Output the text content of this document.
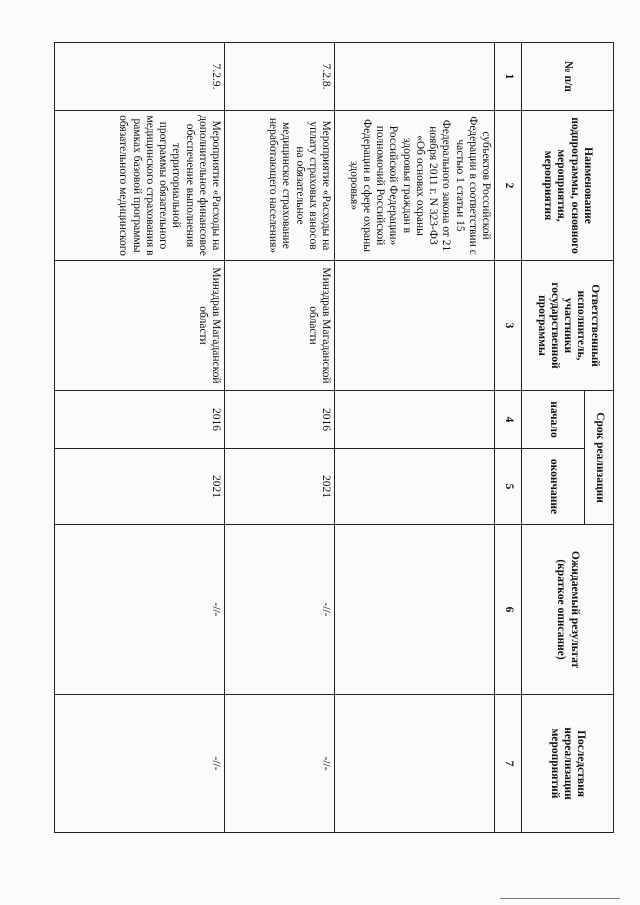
№ п/п	Наименование подпрограммы, основного мероприятия, мероприятия	Ответственный исполнитель, участники государственной программы	Срок реализации		Ожидаемый результат (краткое описание)	Последствия нереализации мероприятий
			начало	окончание		
1	2	3	4	5	6	7
	субъектов Российской Федерации в соответствии с частью 1 статьи 15 Федерального закона от 21 ноября 2011 г. N 323-ФЗ «Об основах охраны здоровья граждан в Российской Федерации» полномочий Российской Федерации в сфере охраны здоровья»					
7.2.8.	Мероприятие «Расходы на уплату страховых взносов на обязательное медицинское страхование неработающего населения»	Минздрав Магаданской области	2016	2021	-//-	-//-
7.2.9.	Мероприятие «Расходы на дополнительное финансовое обеспечение выполнения территориальной программы обязательного медицинского страхования в рамках базовой программы обязательного медицинского	Минздрав Магаданской области	2016	2021	-//-	-//-
